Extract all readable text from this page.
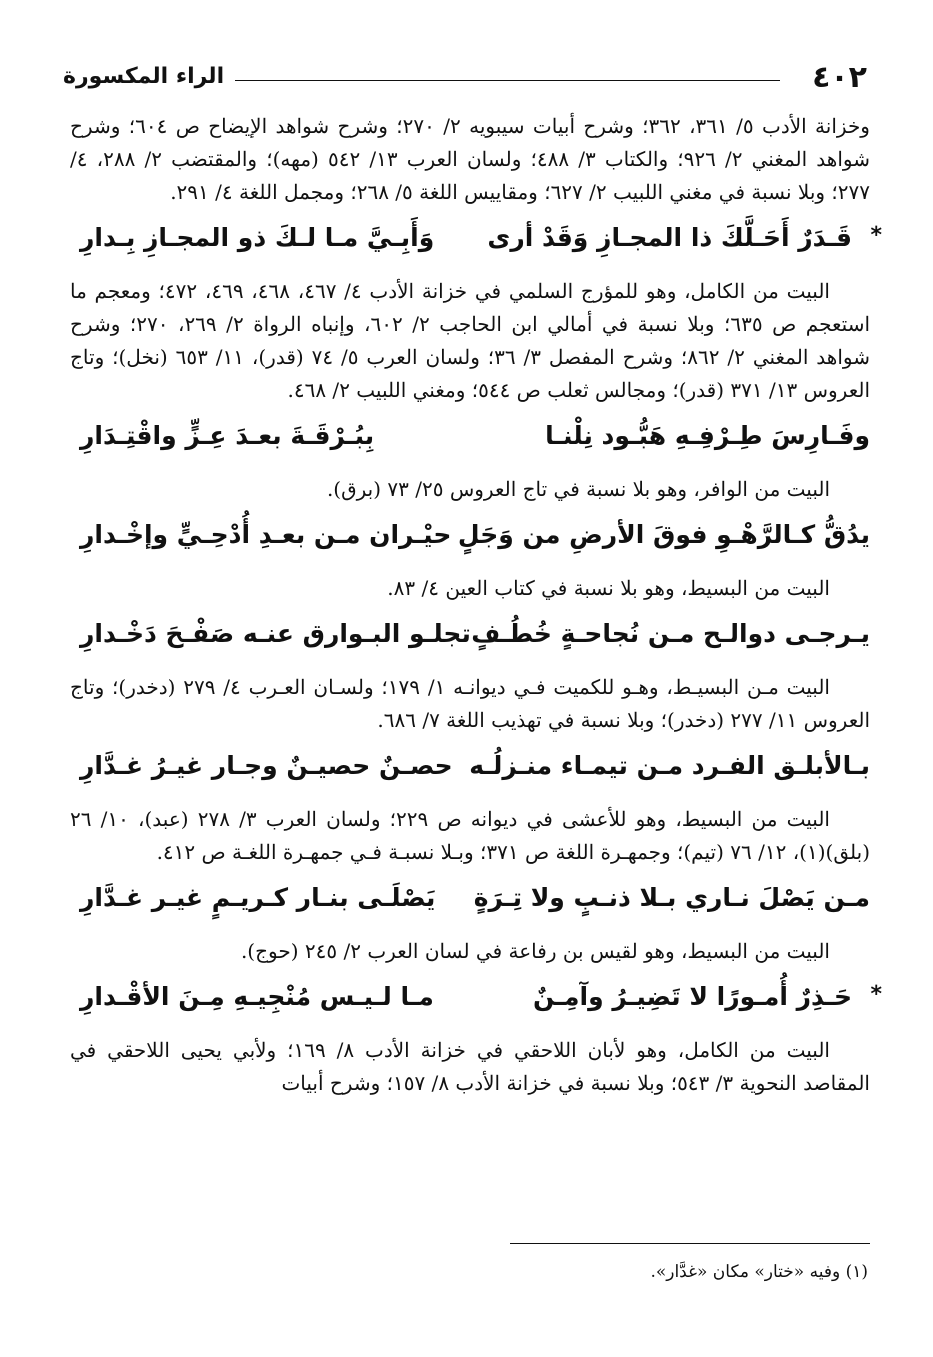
٤٠٢
الراء المكسورة

وخزانة الأدب ٥/ ٣٦١، ٣٦٢؛ وشرح أبيات سيبويه ٢/ ٢٧٠؛ وشرح شواهد الإيضاح ص ٦٠٤؛ وشرح شواهد المغني ٢/ ٩٢٦؛ والكتاب ٣/ ٤٨٨؛ ولسان العرب ١٣/ ٥٤٢ (مهه)؛ والمقتضب ٢/ ٢٨٨، ٤/ ٢٧٧؛ وبلا نسبة في مغني اللبيب ٢/ ٦٢٧؛ ومقاييس اللغة ٥/ ٢٦٨؛ ومجمل اللغة ٤/ ٢٩١.

*
قَـدَرٌ أَحَـلَّكَ ذا المجـازِ وَقَدْ أرى
وَأَبِـيَّ مـا لـكَ ذو المجـازِ بِـدارِ

البيت من الكامل، وهو للمؤرج السلمي في خزانة الأدب ٤/ ٤٦٧، ٤٦٨، ٤٦٩، ٤٧٢؛ ومعجم ما استعجم ص ٦٣٥؛ وبلا نسبة في أمالي ابن الحاجب ٢/ ٦٠٢، وإنباه الرواة ٢/ ٢٦٩، ٢٧٠؛ وشرح شواهد المغني ٢/ ٨٦٢؛ وشرح المفصل ٣/ ٣٦؛ ولسان العرب ٥/ ٧٤ (قدر)، ١١/ ٦٥٣ (نخل)؛ وتاج العروس ١٣/ ٣٧١ (قدر)؛ ومجالس ثعلب ص ٥٤٤؛ ومغني اللبيب ٢/ ٤٦٨.

وفَـارِسَ طِـرْفِـهِ هَبُّـود نِلْنـا
بِبُـرْقَـةَ بعـدَ عِـزٍّ واقْتِـدَارِ

البيت من الوافر، وهو بلا نسبة في تاج العروس ٢٥/ ٧٣ (برق).

يدُقُّ كـالرَّهْـوِ فوقَ الأرضِ من وَجَلٍ
حيْـران مـن بعـدِ أُدْحِـيٍّ وإخْـدارِ

البيت من البسيط، وهو بلا نسبة في كتاب العين ٤/ ٨٣.

يـرجـى دوالـح مـن نُجاحـةٍ خُطُـفٍ
تجلـو البـوارق عنـه صَفْـحَ دَخْـدارِ

البيت مـن البسيـط، وهـو للكميت فـي ديوانـه ١/ ١٧٩؛ ولسـان العـرب ٤/ ٢٧٩ (دخدر)؛ وتاج العروس ١١/ ٢٧٧ (دخدر)؛ وبلا نسبة في تهذيب اللغة ٧/ ٦٨٦.

بـالأبلـق الفـرد مـن تيمـاء منـزلُـه
حصـنٌ حصيـنٌ وجـار غيـرُ غـدَّارِ

البيت من البسيط، وهو للأعشى في ديوانه ص ٢٢٩؛ ولسان العرب ٣/ ٢٧٨ (عبد)، ١٠/ ٢٦ (بلق)(١)، ١٢/ ٧٦ (تيم)؛ وجمهـرة اللغة ص ٣٧١؛ وبـلا نسبـة فـي جمهـرة اللغـة ص ٤١٢.

مـن يَصْلَ نـاري بـلا ذنـبٍ ولا تِـرَةٍ
يَصْلَـى بنـار كـريـمٍ غيـر غـدَّارِ

البيت من البسيط، وهو لقيس بن رفاعة في لسان العرب ٢/ ٢٤٥ (حوج).

*
حَـذِرٌ أُمـورًا لا تَضِيـرُ وآمِـنٌ
مـا لـيـس مُنْجِيـهِ مِـنَ الأقْـدارِ

البيت من الكامل، وهو لأبان اللاحقي في خزانة الأدب ٨/ ١٦٩؛ ولأبي يحيى اللاحقي في المقاصد النحوية ٣/ ٥٤٣؛ وبلا نسبة في خزانة الأدب ٨/ ١٥٧؛ وشرح أبيات

(١) وفيه «ختار» مكان «غدَّار».
